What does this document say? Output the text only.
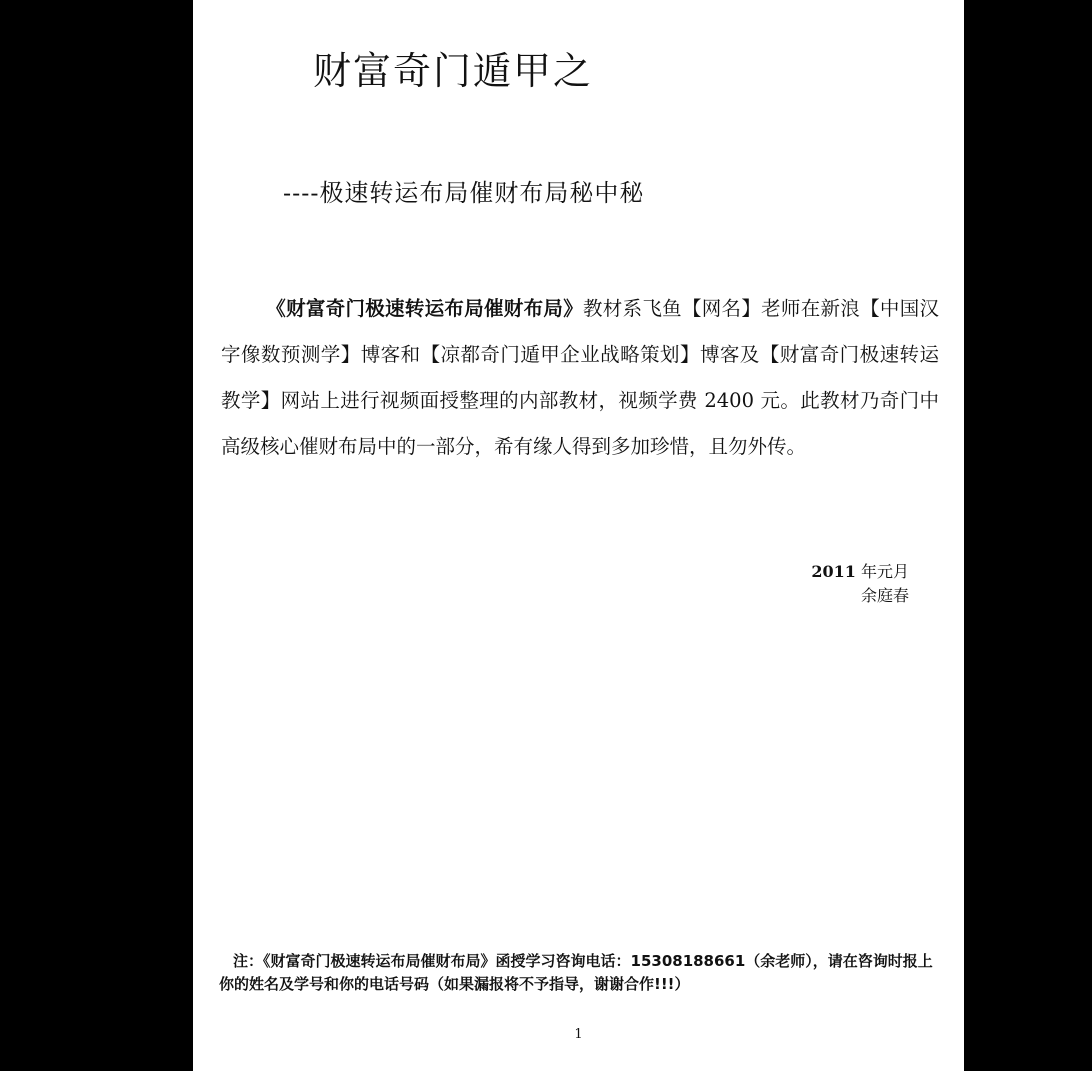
财富奇门遁甲之
----极速转运布局催财布局秘中秘
《财富奇门极速转运布局催财布局》教材系飞鱼【网名】老师在新浪【中国汉字像数预测学】博客和【凉都奇门遁甲企业战略策划】博客及【财富奇门极速转运教学】网站上进行视频面授整理的内部教材，视频学费 2400 元。此教材乃奇门中高级核心催财布局中的一部分，希有缘人得到多加珍惜，且勿外传。
2011 年元月
余庭春
注：《财富奇门极速转运布局催财布局》函授学习咨询电话：15308188661（余老师），请在咨询时报上你的姓名及学号和你的电话号码（如果漏报将不予指导，谢谢合作!!!）
1
